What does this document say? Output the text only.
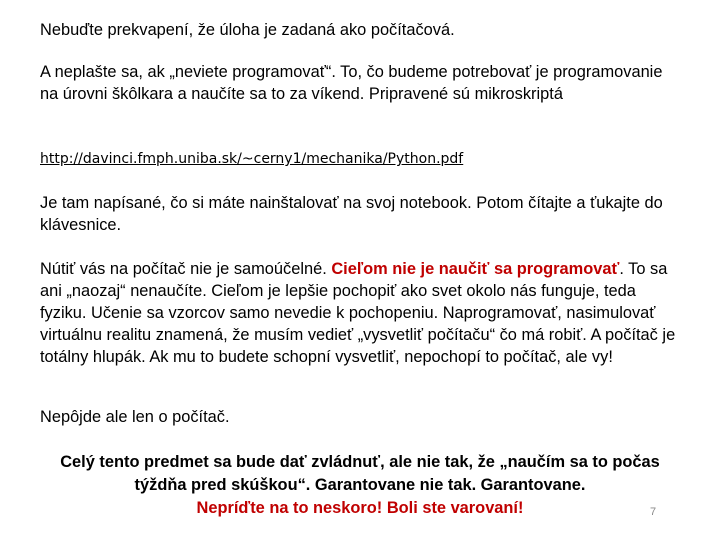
Nebuďte prekvapení, že úloha je zadaná ako počítačová.

A neplašte sa, ak „neviete programovať“. To, čo budeme potrebovať je programovanie na úrovni škôlkara a naučíte sa to za víkend. Pripravené sú mikroskriptá

http://davinci.fmph.uniba.sk/~cerny1/mechanika/Python.pdf

Je tam napísané, čo si máte nainštalovať na svoj notebook. Potom čítajte a ťukajte do klávesnice.

Nútiť vás na počítač nie je samoúčelné. Cieľom nie je naučiť sa programovať. To sa ani „naozaj“ nenaučíte. Cieľom je lepšie pochopiť ako svet okolo nás funguje, teda fyziku. Učenie sa vzorcov samo nevedie k pochopeniu. Naprogramovať, nasimulovať virtuálnu realitu znamená, že musím vedieť „vysvetliť počítaču“ čo má robiť. A počítač je totálny hlupák. Ak mu to budete schopní vysvetliť, nepochopí to počítač, ale vy!

Nepôjde ale len o počítač.

Celý tento predmet sa bude dať zvládnuť, ale nie tak, že „naučím sa to počas týždňa pred skúškou“. Garantovane nie tak. Garantovane.
Nepríďte na to neskoro! Boli ste varovaní!	7
